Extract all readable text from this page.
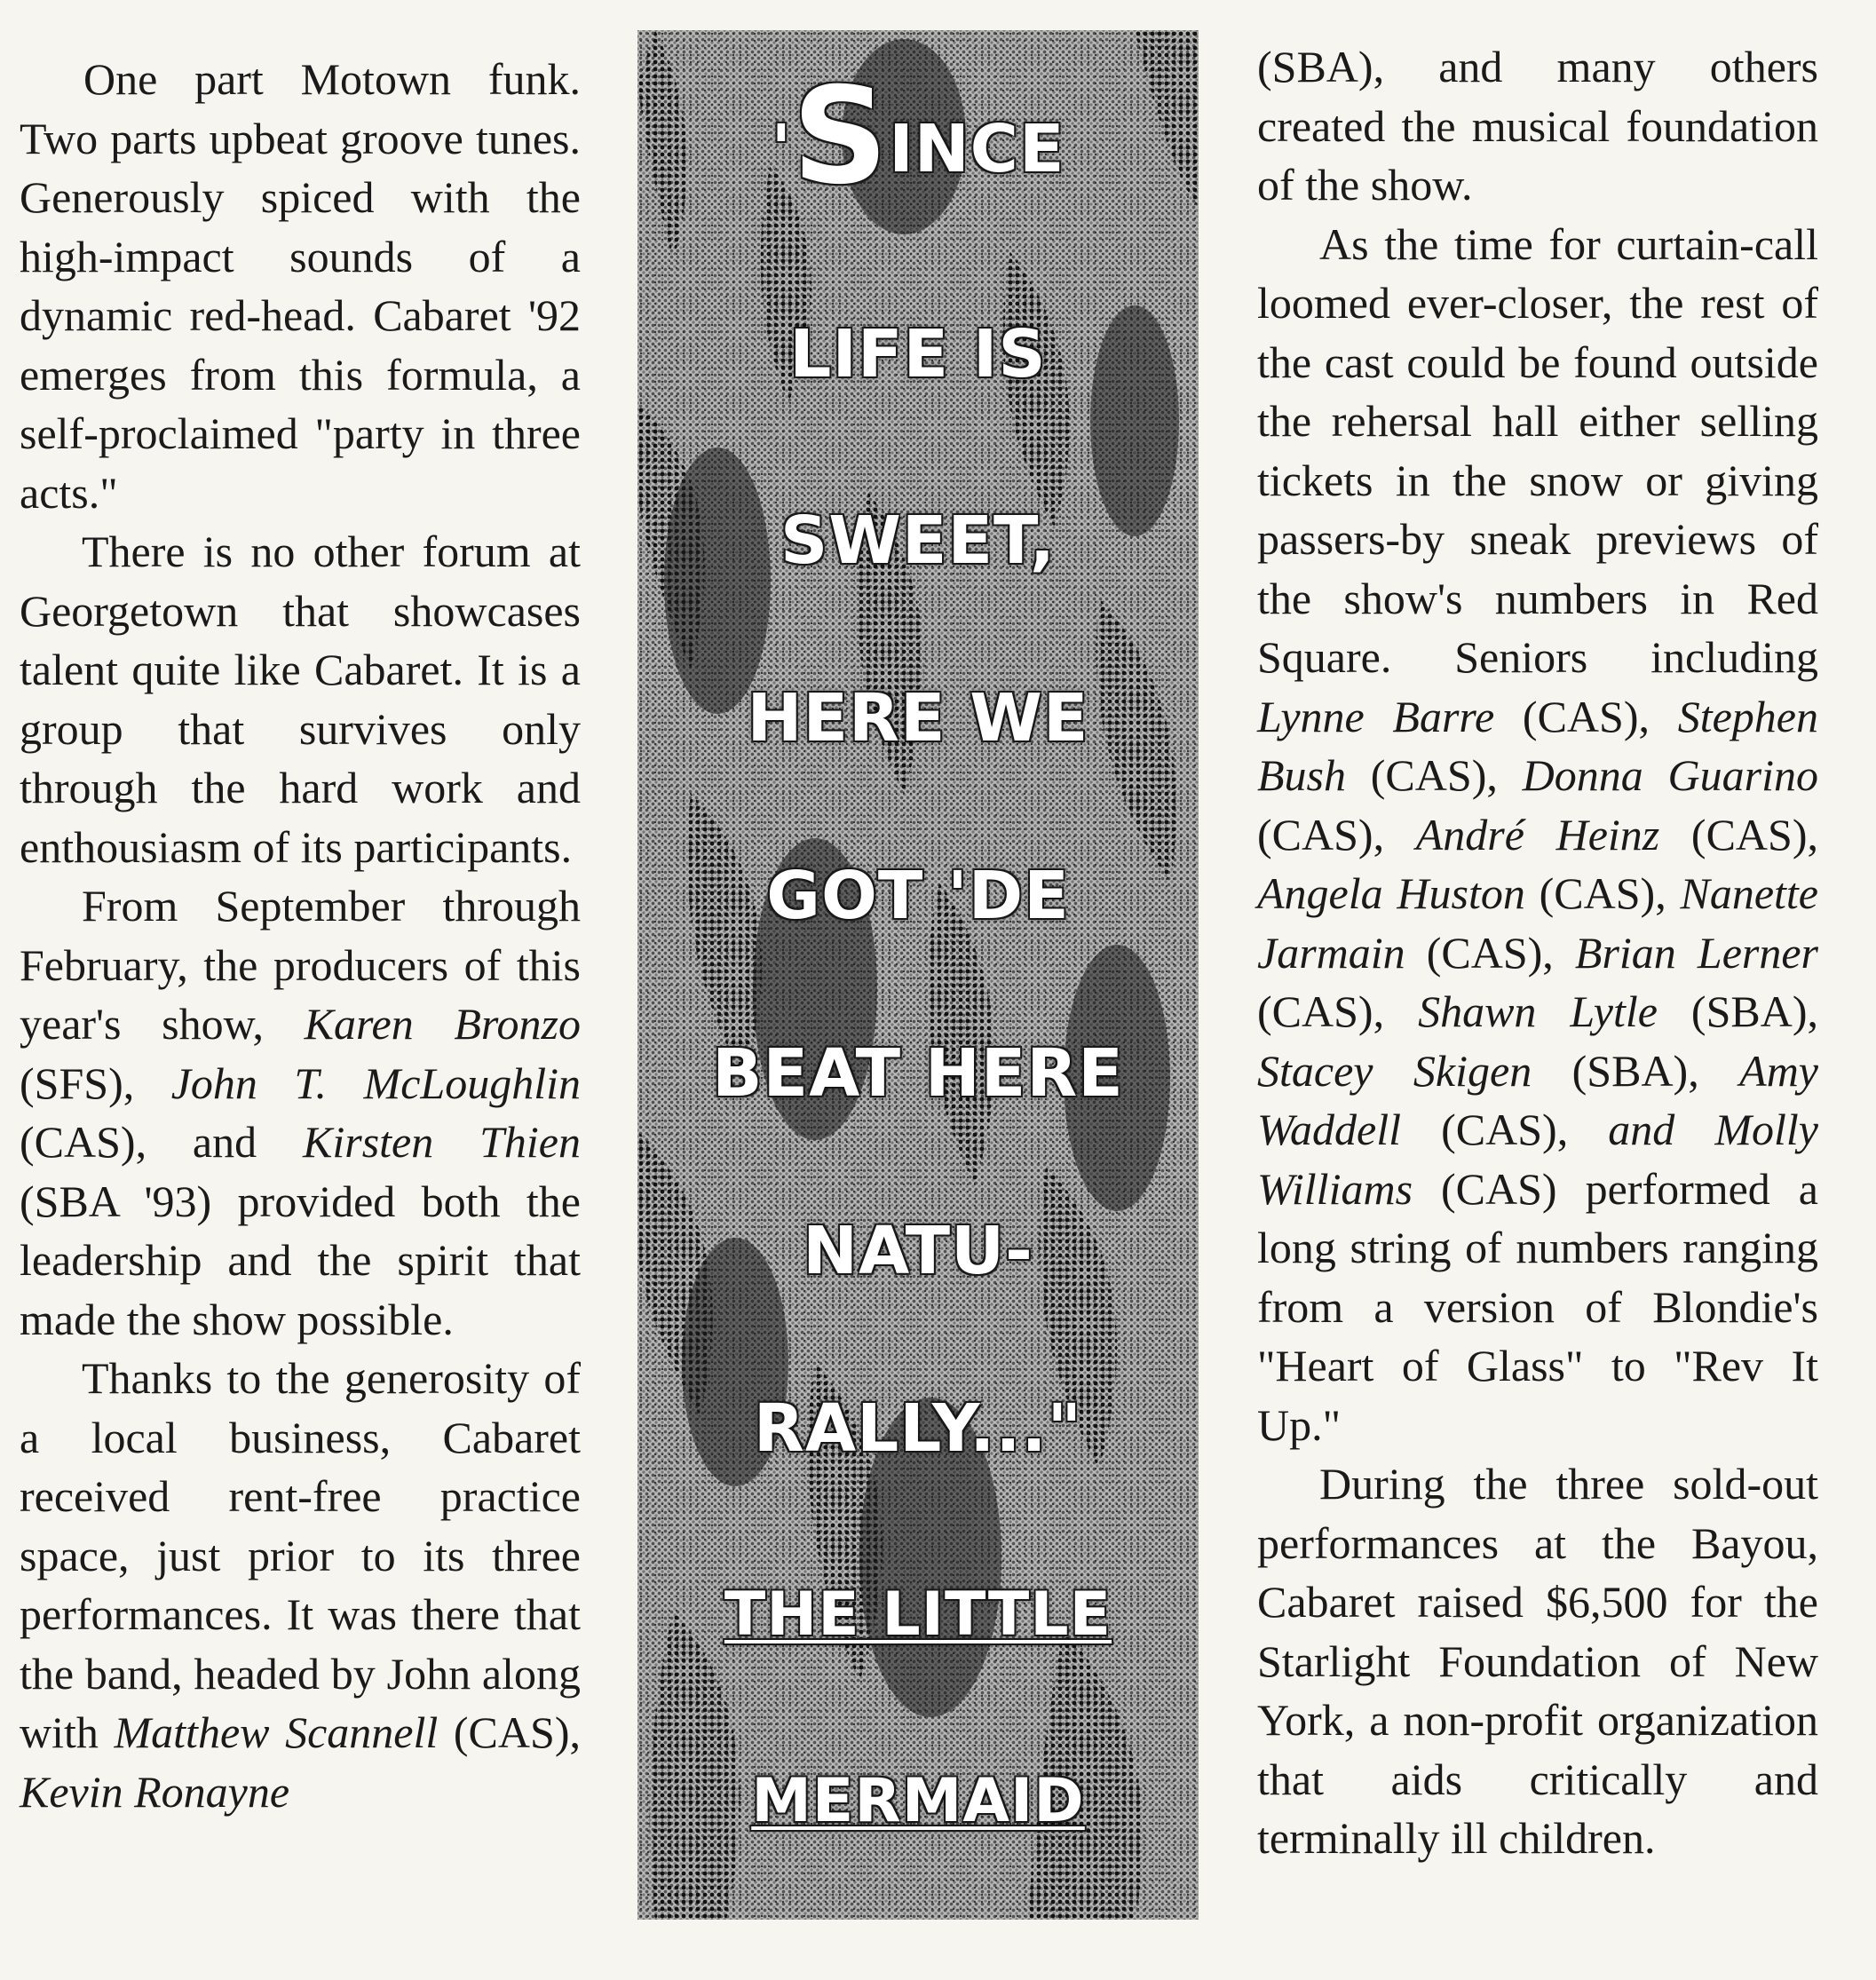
One part Motown funk. Two parts upbeat groove tunes. Generously spiced with the high-impact sounds of a dynamic red-head. Cabaret '92 emerges from this formula, a self-proclaimed "party in three acts."

There is no other forum at Georgetown that showcases talent quite like Cabaret. It is a group that survives only through the hard work and enthousiasm of its participants.

From September through February, the producers of this year's show, Karen Bronzo (SFS), John T. McLoughlin (CAS), and Kirsten Thien (SBA '93) provided both the leadership and the spirit that made the show possible.

Thanks to the generosity of a local business, Cabaret received rent-free practice space, just prior to its three performances. It was there that the band, headed by John along with Matthew Scannell (CAS), Kevin Ronayne

'SINCE
LIFE IS
SWEET,
HERE WE
GOT 'DE
BEAT HERE
NATU-
RALLY..."
THE LITTLE
MERMAID

(SBA), and many others created the musical foundation of the show.

As the time for curtain-call loomed ever-closer, the rest of the cast could be found outside the rehersal hall either selling tickets in the snow or giving passers-by sneak previews of the show's numbers in Red Square. Seniors including Lynne Barre (CAS), Stephen Bush (CAS), Donna Guarino (CAS), André Heinz (CAS), Angela Huston (CAS), Nanette Jarmain (CAS), Brian Lerner (CAS), Shawn Lytle (SBA), Stacey Skigen (SBA), Amy Waddell (CAS), and Molly Williams (CAS) performed a long string of numbers ranging from a version of Blondie's "Heart of Glass" to "Rev It Up."

During the three sold-out performances at the Bayou, Cabaret raised $6,500 for the Starlight Foundation of New York, a non-profit organization that aids critically and terminally ill children.
